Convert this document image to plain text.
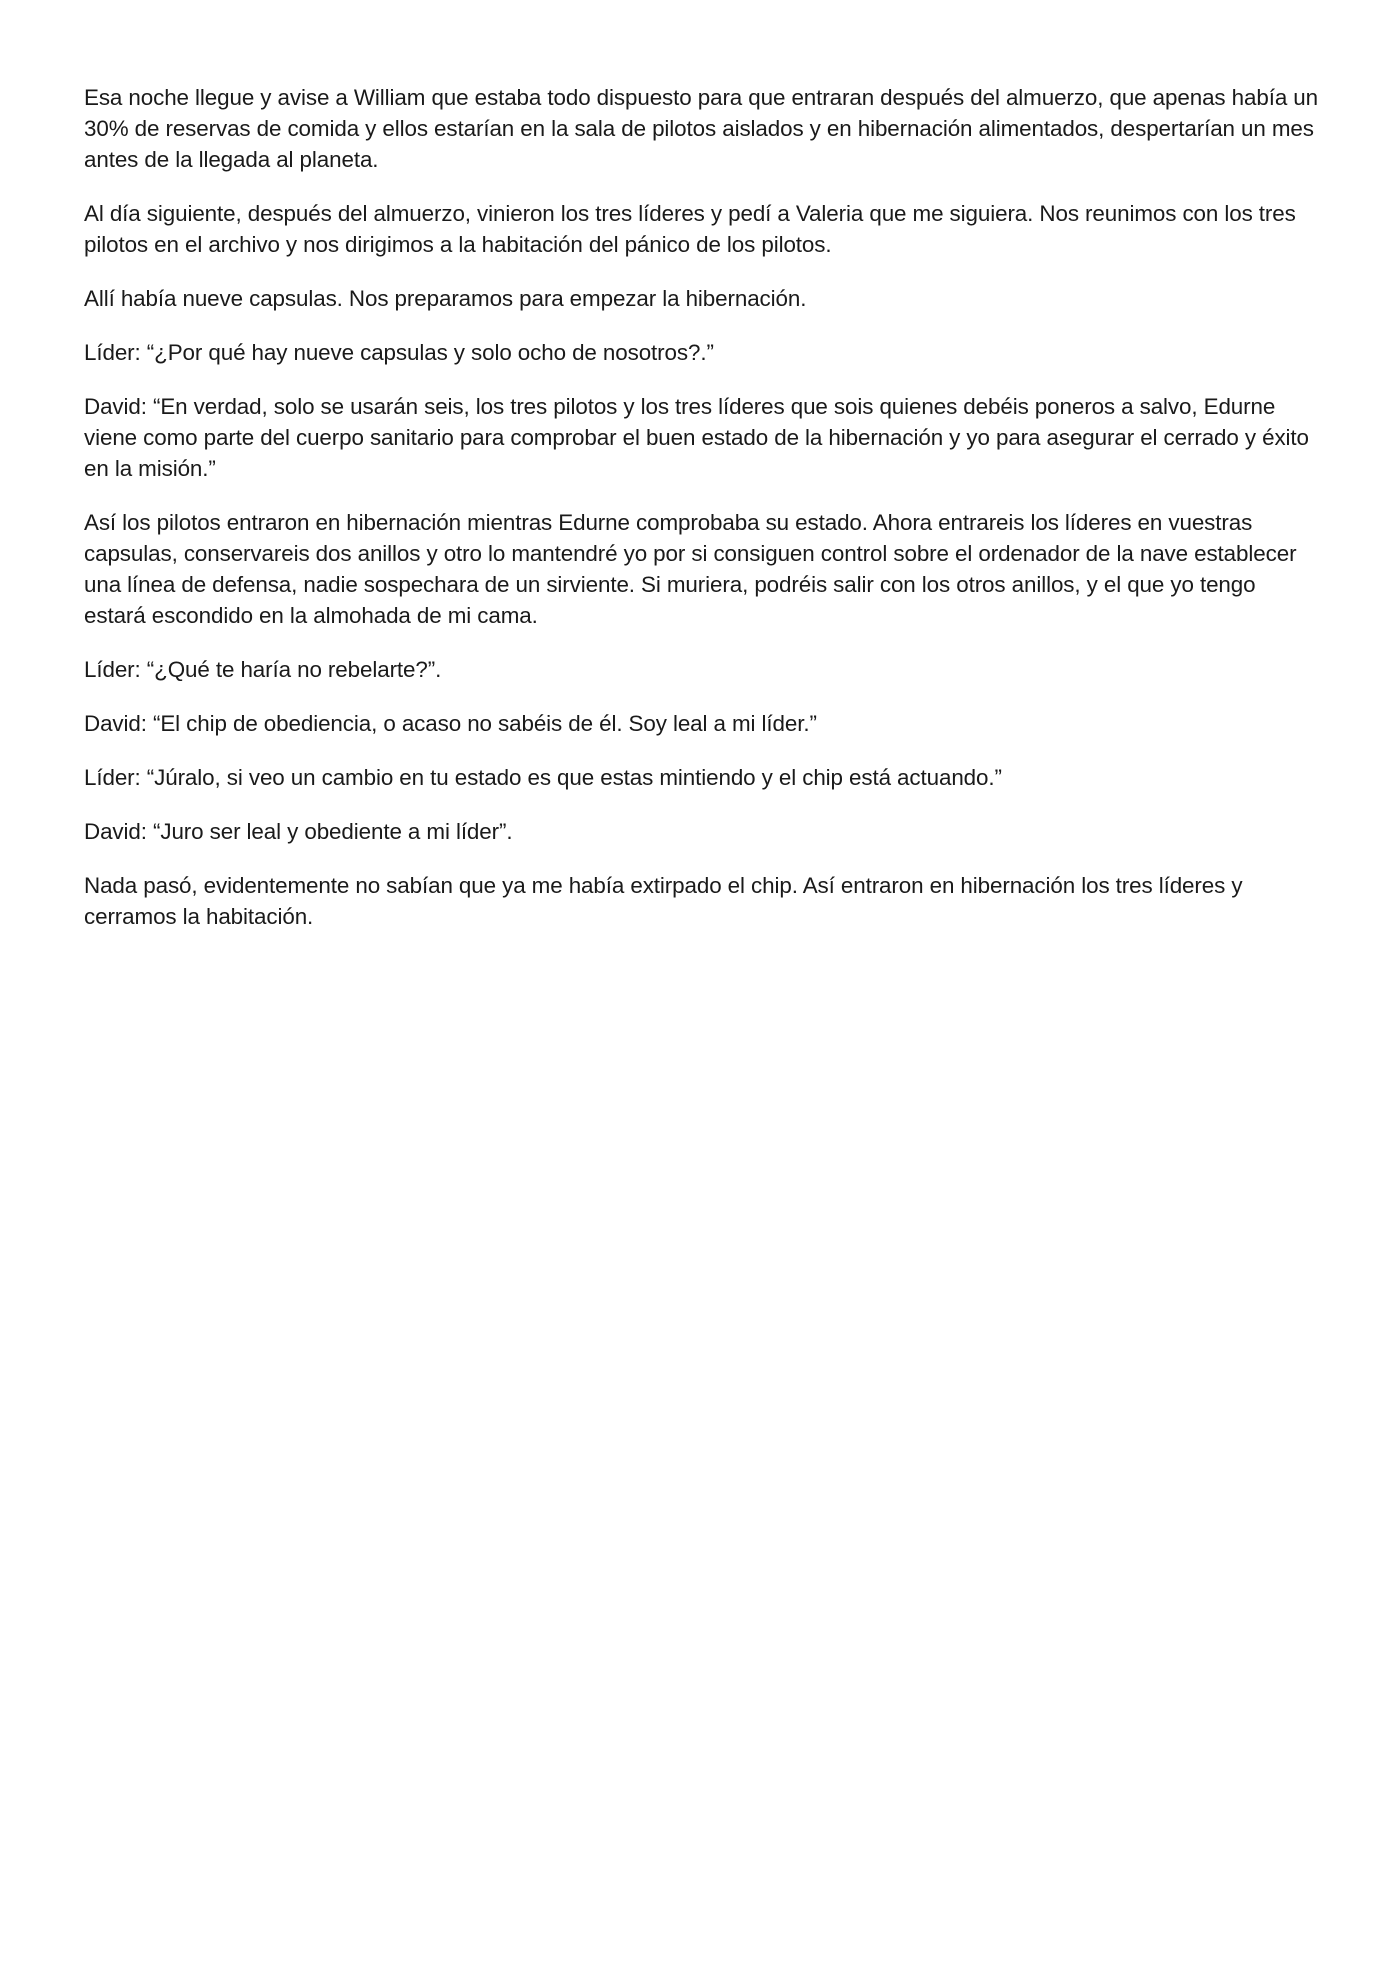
Esa noche llegue y avise a William que estaba todo dispuesto para que entraran después del almuerzo, que apenas había un 30% de reservas de comida y ellos estarían en la sala de pilotos aislados y en hibernación alimentados, despertarían un mes antes de la llegada al planeta.

Al día siguiente, después del almuerzo, vinieron los tres líderes y pedí a Valeria que me siguiera. Nos reunimos con los tres pilotos en el archivo y nos dirigimos a la habitación del pánico de los pilotos.

Allí había nueve capsulas. Nos preparamos para empezar la hibernación.

Líder: “¿Por qué hay nueve capsulas y solo ocho de nosotros?.”

David: “En verdad, solo se usarán seis, los tres pilotos y los tres líderes que sois quienes debéis poneros a salvo, Edurne viene como parte del cuerpo sanitario para comprobar el buen estado de la hibernación y yo para asegurar el cerrado y éxito en la misión.”

Así los pilotos entraron en hibernación mientras Edurne comprobaba su estado. Ahora entrareis los líderes en vuestras capsulas, conservareis dos anillos y otro lo mantendré yo por si consiguen control sobre el ordenador de la nave establecer una línea de defensa, nadie sospechara de un sirviente. Si muriera, podréis salir con los otros anillos, y el que yo tengo estará escondido en la almohada de mi cama.

Líder: “¿Qué te haría no rebelarte?”.

David: “El chip de obediencia, o acaso no sabéis de él. Soy leal a mi líder.”

Líder: “Júralo, si veo un cambio en tu estado es que estas mintiendo y el chip está actuando.”

David: “Juro ser leal y obediente a mi líder”.

Nada pasó, evidentemente no sabían que ya me había extirpado el chip. Así entraron en hibernación los tres líderes y cerramos la habitación.
